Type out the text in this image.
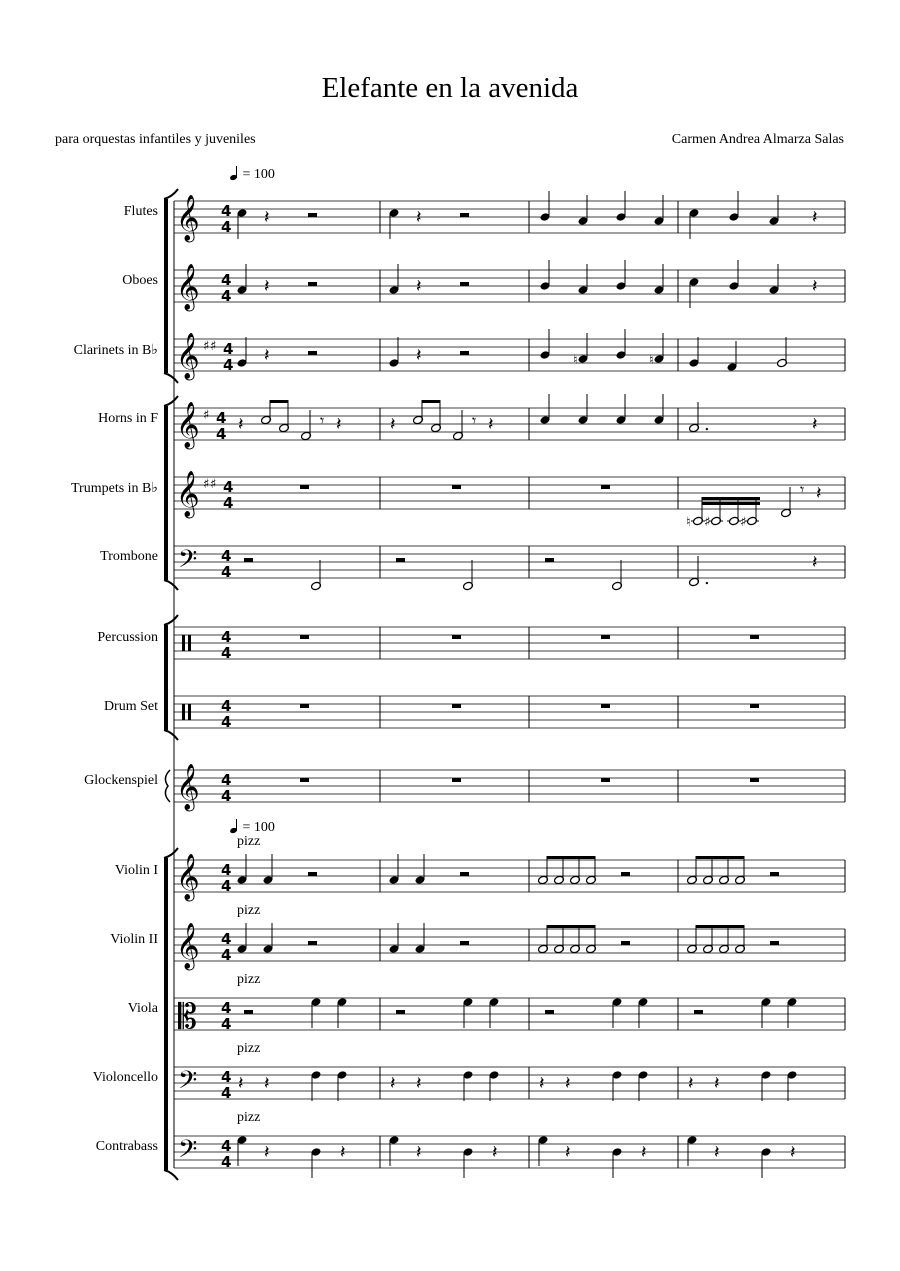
Elefante en la avenida
para orquestas infantiles y juveniles	Carmen Andrea Almarza Salas
= 100
= 100
Flutes
Oboes
Clarinets in B♭
Horns in F
Trumpets in B♭
Trombone
Percussion
Drum Set
Glockenspiel
Violin I
pizz
Violin II
pizz
Viola
pizz
Violoncello
pizz
Contrabass
pizz
𝄞 4
4
𝄞 4
4
𝄞 ♯ ♯ 4
4
𝄞 ♯ 4
4
𝄞 ♯ ♯ 4
4
𝄢 4
4
4
4
4
4
𝄞 4
4
𝄞 4
4
𝄞 4
4
𝄡 4
4
𝄢 4
4
𝄢 4
4
𝄽	𝄽	𝄽
𝄽	𝄽	𝄽
𝄽	𝄽	♮	♮
𝄽	𝄾 𝄽	𝄽	𝄾 𝄽	.	𝄽
♮ ♯ ♯
𝄾 𝄽
.
𝄽
𝄽 𝄽	𝄽 𝄽	𝄽 𝄽	𝄽 𝄽
𝄽	𝄽	𝄽	𝄽	𝄽	𝄽	𝄽	𝄽
